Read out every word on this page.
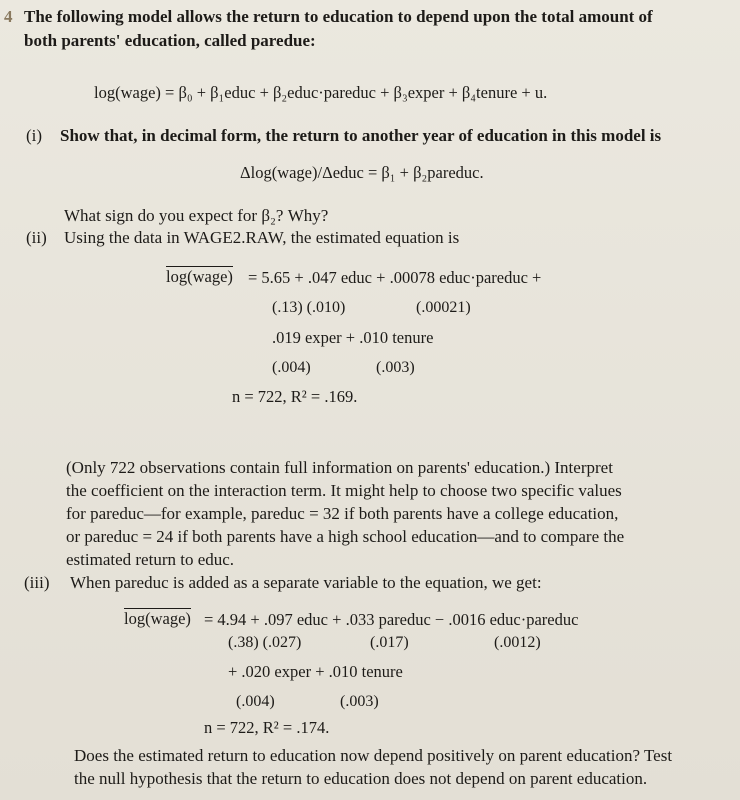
4 The following model allows the return to education to depend upon the total amount of
both parents' education, called paredue:
log(wage) = β₀ + β₁educ + β₂educ·pareduc + β₃exper + β₄tenure + u.
(i) Show that, in decimal form, the return to another year of education in this model is
Δlog(wage)/Δeduc = β₁ + β₂pareduc.
What sign do you expect for β₂? Why?
(ii) Using the data in WAGE2.RAW, the estimated equation is
log(wage) = 5.65 + .047 educ + .00078 educ·pareduc +
(.13) (.010)	(.00021)
.019 exper + .010 tenure
(.004)	(.003)
n = 722, R² = .169.
(Only 722 observations contain full information on parents' education.) Interpret
the coefficient on the interaction term. It might help to choose two specific values
for pareduc—for example, pareduc = 32 if both parents have a college education,
or pareduc = 24 if both parents have a high school education—and to compare the
estimated return to educ.
(iii) When pareduc is added as a separate variable to the equation, we get:
log(wage) = 4.94 + .097 educ + .033 pareduc − .0016 educ·pareduc
(.38) (.027)	(.017)	(.0012)
+ .020 exper + .010 tenure
(.004)	(.003)
n = 722, R² = .174.
Does the estimated return to education now depend positively on parent education? Test
the null hypothesis that the return to education does not depend on parent education.
